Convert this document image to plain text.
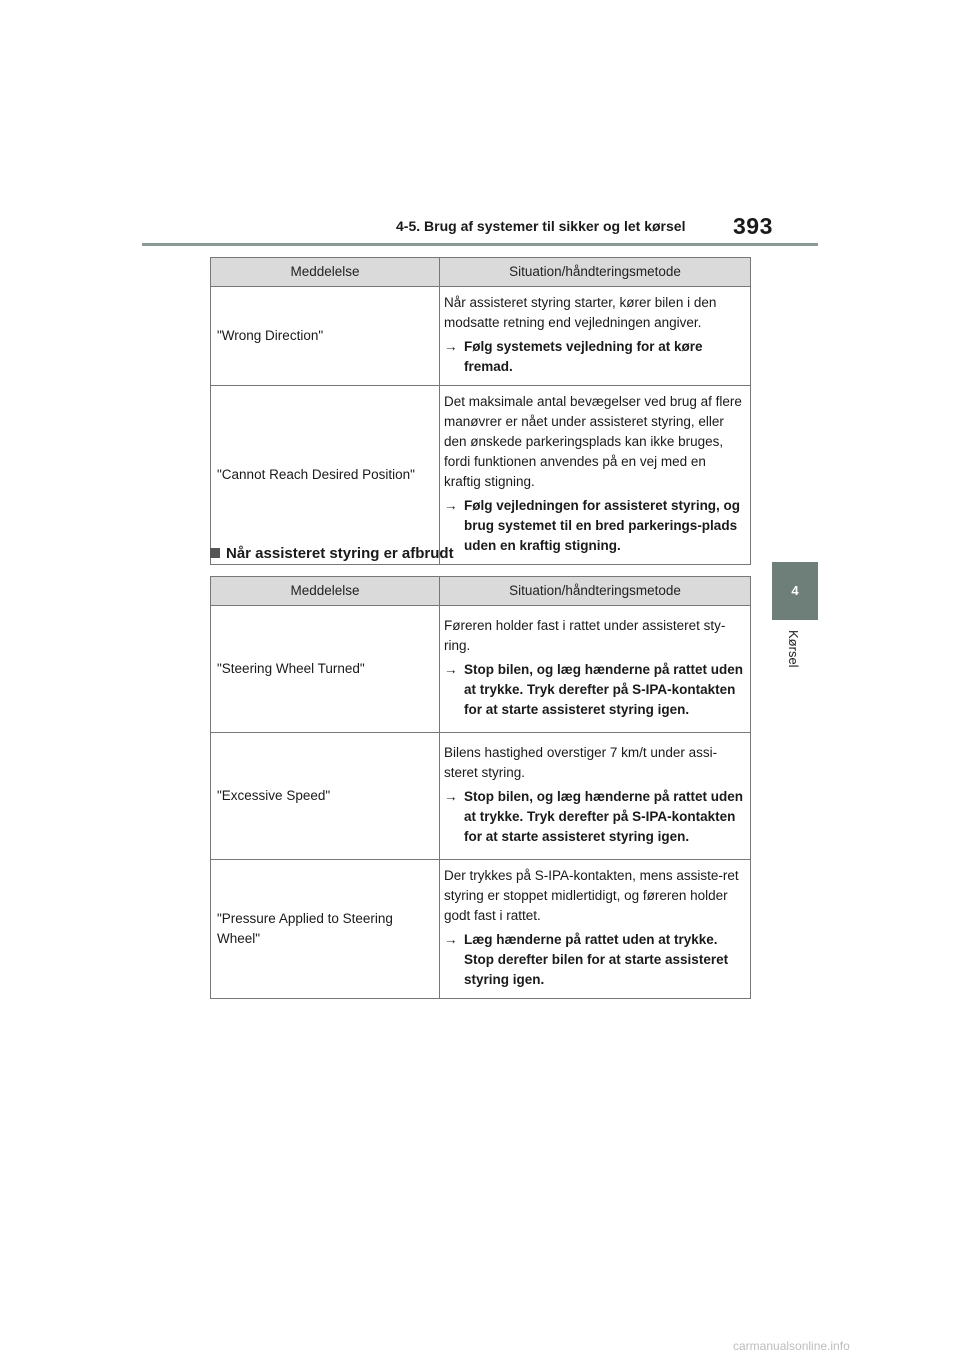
4-5. Brug af systemer til sikker og let kørsel 393
4
Kørsel
Meddelelse	Situation/håndteringsmetode
"Wrong Direction"	Når assisteret styring starter, kører bilen i den modsatte retning end vejledningen angiver.

→ Følg systemets vejledning for at køre fremad.

"Cannot Reach Desired Position"	Det maksimale antal bevægelser ved brug af flere manøvrer er nået under assisteret styring, eller den ønskede parkeringsplads kan ikke bruges, fordi funktionen anvendes på en vej med en kraftig stigning.

→ Følg vejledningen for assisteret styring, og brug systemet til en bred parkerings-plads uden en kraftig stigning.
Når assisteret styring er afbrudt
Meddelelse	Situation/håndteringsmetode
"Steering Wheel Turned"	Føreren holder fast i rattet under assisteret sty-ring.

→ Stop bilen, og læg hænderne på rattet uden at trykke. Tryk derefter på S-IPA-kontakten for at starte assisteret styring igen.

"Excessive Speed"	Bilens hastighed overstiger 7 km/t under assi-steret styring.

→ Stop bilen, og læg hænderne på rattet uden at trykke. Tryk derefter på S-IPA-kontakten for at starte assisteret styring igen.

"Pressure Applied to Steering Wheel"	Der trykkes på S-IPA-kontakten, mens assiste-ret styring er stoppet midlertidigt, og føreren holder godt fast i rattet.

→ Læg hænderne på rattet uden at trykke. Stop derefter bilen for at starte assisteret styring igen.
carmanualsonline.info
